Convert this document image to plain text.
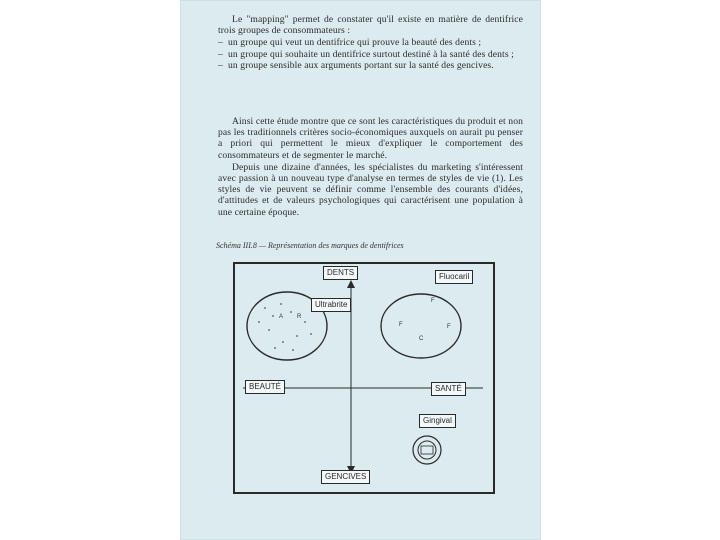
Le "mapping" permet de constater qu'il existe en matière de dentifrice trois groupes de consommateurs :

– un groupe qui veut un dentifrice qui prouve la beauté des dents ;
– un groupe qui souhaite un dentifrice surtout destiné à la santé des dents ;
– un groupe sensible aux arguments portant sur la santé des gencives.

Ainsi cette étude montre que ce sont les caractéristiques du produit et non pas les traditionnels critères socio-économiques auxquels on aurait pu penser a priori qui permettent le mieux d'expliquer le comportement des consommateurs et de segmenter le marché.

Depuis une dizaine d'années, les spécialistes du marketing s'intéressent avec passion à un nouveau type d'analyse en termes de styles de vie (1). Les styles de vie peuvent se définir comme l'ensemble des courants d'idées, d'attitudes et de valeurs psychologiques qui caractérisent une population à une certaine époque.

Schéma III.8 — Représentation des marques de dentifrices
DENTS
GENCIVES
BEAUTÉ	SANTÉ
Ultrabrite
Fluocaril
Gingival
A R
F
F	F
C
